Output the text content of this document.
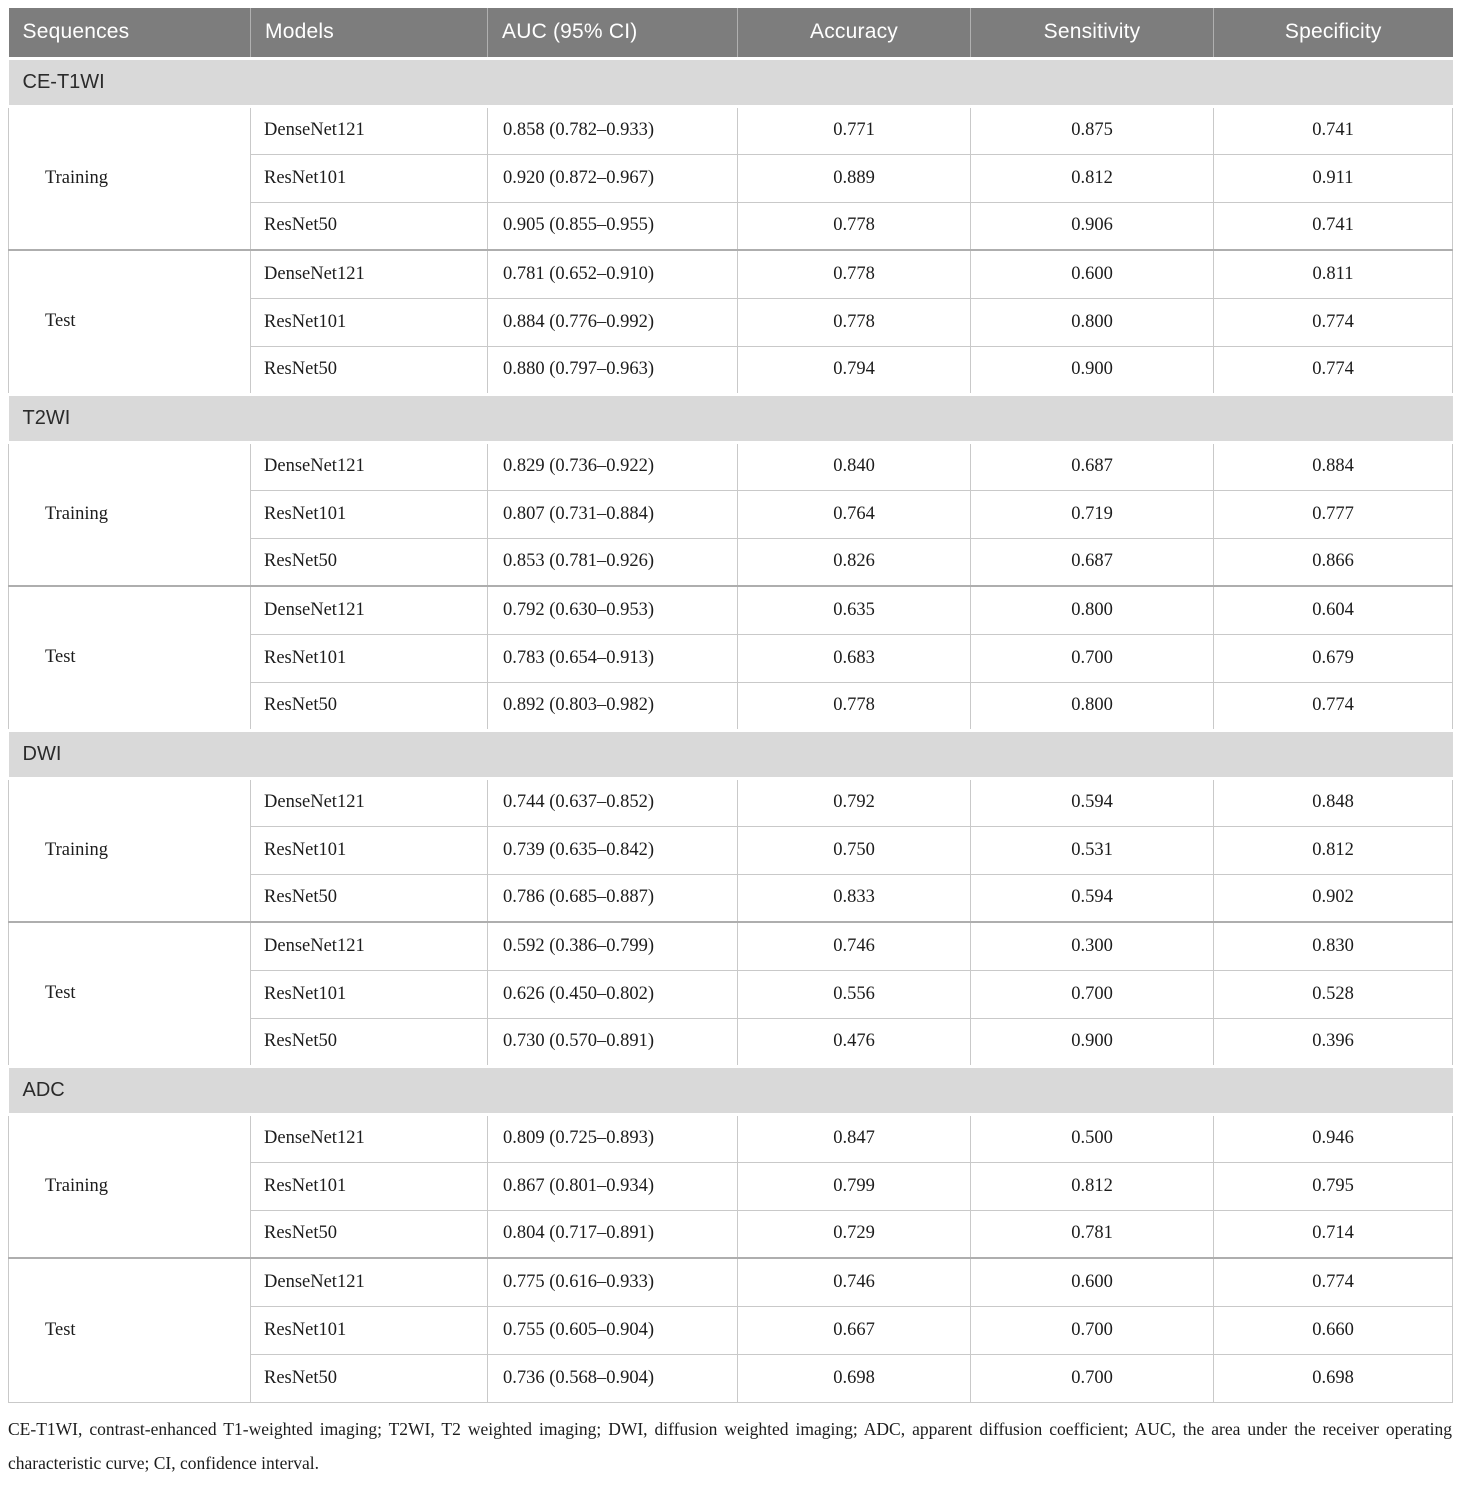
Sequences	Models	AUC (95% CI)	Accuracy	Sensitivity	Specificity
CE-T1WI					
Training	DenseNet121	0.858 (0.782–0.933)	0.771	0.875	0.741
	ResNet101	0.920 (0.872–0.967)	0.889	0.812	0.911
	ResNet50	0.905 (0.855–0.955)	0.778	0.906	0.741
Test	DenseNet121	0.781 (0.652–0.910)	0.778	0.600	0.811
	ResNet101	0.884 (0.776–0.992)	0.778	0.800	0.774
	ResNet50	0.880 (0.797–0.963)	0.794	0.900	0.774
T2WI					
Training	DenseNet121	0.829 (0.736–0.922)	0.840	0.687	0.884
	ResNet101	0.807 (0.731–0.884)	0.764	0.719	0.777
	ResNet50	0.853 (0.781–0.926)	0.826	0.687	0.866
Test	DenseNet121	0.792 (0.630–0.953)	0.635	0.800	0.604
	ResNet101	0.783 (0.654–0.913)	0.683	0.700	0.679
	ResNet50	0.892 (0.803–0.982)	0.778	0.800	0.774
DWI					
Training	DenseNet121	0.744 (0.637–0.852)	0.792	0.594	0.848
	ResNet101	0.739 (0.635–0.842)	0.750	0.531	0.812
	ResNet50	0.786 (0.685–0.887)	0.833	0.594	0.902
Test	DenseNet121	0.592 (0.386–0.799)	0.746	0.300	0.830
	ResNet101	0.626 (0.450–0.802)	0.556	0.700	0.528
	ResNet50	0.730 (0.570–0.891)	0.476	0.900	0.396
ADC					
Training	DenseNet121	0.809 (0.725–0.893)	0.847	0.500	0.946
	ResNet101	0.867 (0.801–0.934)	0.799	0.812	0.795
	ResNet50	0.804 (0.717–0.891)	0.729	0.781	0.714
Test	DenseNet121	0.775 (0.616–0.933)	0.746	0.600	0.774
	ResNet101	0.755 (0.605–0.904)	0.667	0.700	0.660
	ResNet50	0.736 (0.568–0.904)	0.698	0.700	0.698

CE-T1WI, contrast-enhanced T1-weighted imaging; T2WI, T2 weighted imaging; DWI, diffusion weighted imaging; ADC, apparent diffusion coefficient; AUC, the area under the receiver operating characteristic curve; CI, confidence interval.
